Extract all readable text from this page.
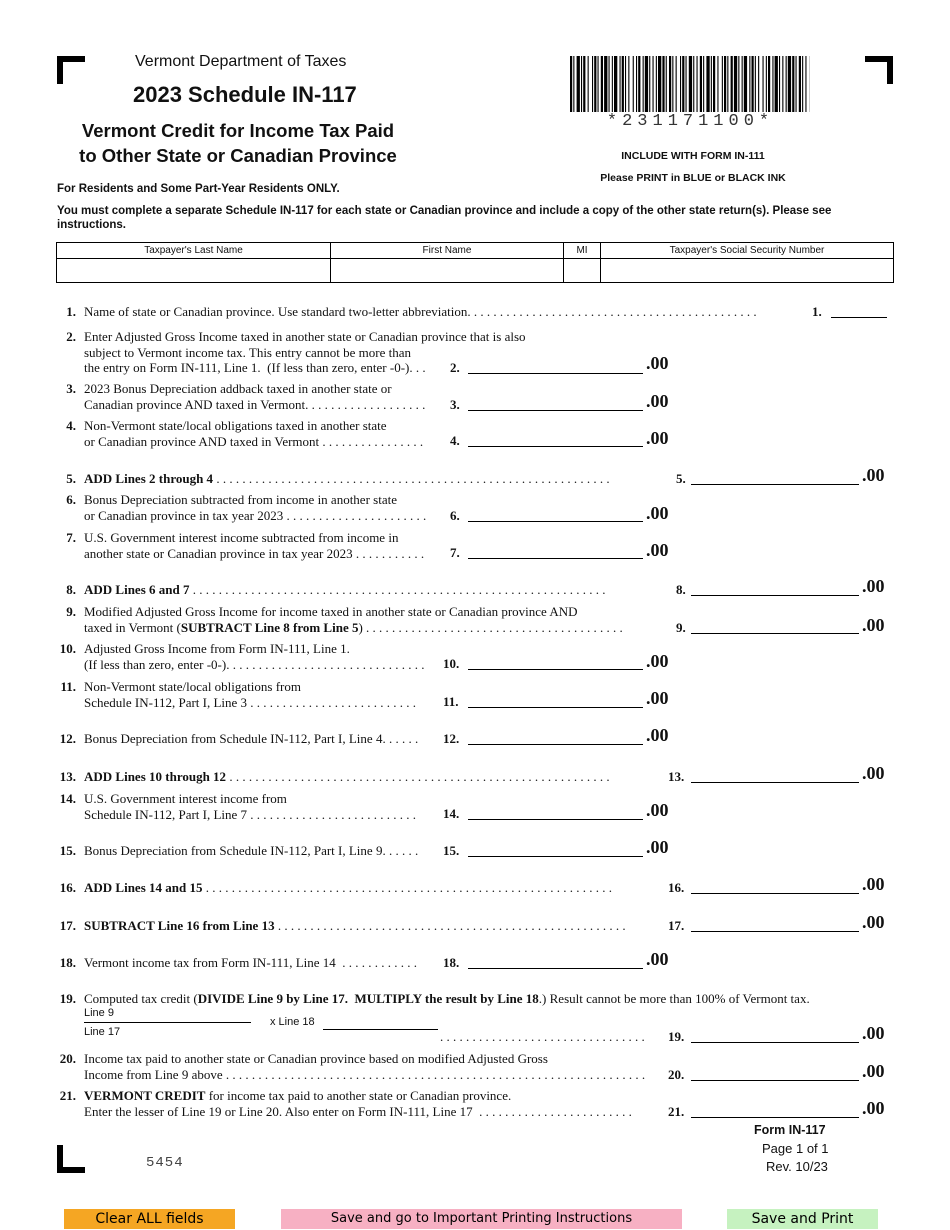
Vermont Department of Taxes
2023 Schedule IN-117
Vermont Credit for Income Tax Paid to Other State or Canadian Province
*231171100*
INCLUDE WITH FORM IN-111
Please PRINT in BLUE or BLACK INK
For Residents and Some Part-Year Residents ONLY.
You must complete a separate Schedule IN-117 for each state or Canadian province and include a copy of the other state return(s). Please see instructions.
Taxpayer's Last Name	First Name	MI	Taxpayer's Social Security Number

1. Name of state or Canadian province. Use standard two-letter abbreviation. . . . . . . . . . . . . . . . . . . . . . . . . . . . . . . . . . . . . . . . . . . . .	1.
2. Enter Adjusted Gross Income taxed in another state or Canadian province that is also
subject to Vermont income tax. This entry cannot be more than
the entry on Form IN-111, Line 1.  (If less than zero, enter -0-). . .	2.	.00
3. 2023 Bonus Depreciation addback taxed in another state or
Canadian province AND taxed in Vermont. . . . . . . . . . . . . . . . . . . 3.	.00
4. Non-Vermont state/local obligations taxed in another state
or Canadian province AND taxed in Vermont . . . . . . . . . . . . . . . . 4.	.00
5. ADD Lines 2 through 4 . . . . . . . . . . . . . . . . . . . . . . . . . . . . . . . . . . . . . . . . . . . . . . . . . . . . . . . . . . . . .	5.	.00
6. Bonus Depreciation subtracted from income in another state
or Canadian province in tax year 2023 . . . . . . . . . . . . . . . . . . . . . . 6.	.00
7. U.S. Government interest income subtracted from income in
another state or Canadian province in tax year 2023 . . . . . . . . . . . 7.	.00
8. ADD Lines 6 and 7 . . . . . . . . . . . . . . . . . . . . . . . . . . . . . . . . . . . . . . . . . . . . . . . . . . . . . . . . . . . . . . . .	8.	.00
9. Modified Adjusted Gross Income for income taxed in another state or Canadian province AND
taxed in Vermont (SUBTRACT Line 8 from Line 5) . . . . . . . . . . . . . . . . . . . . . . . . . . . . . . . . . . . . . . . .	9.	.00
10. Adjusted Gross Income from Form IN-111, Line 1.
(If less than zero, enter -0-). . . . . . . . . . . . . . . . . . . . . . . . . . . . . . . 10.	.00
11. Non-Vermont state/local obligations from
Schedule IN-112, Part I, Line 3 . . . . . . . . . . . . . . . . . . . . . . . . . . 11.	.00
12. Bonus Depreciation from Schedule IN-112, Part I, Line 4. . . . . . 12.	.00
13. ADD Lines 10 through 12 . . . . . . . . . . . . . . . . . . . . . . . . . . . . . . . . . . . . . . . . . . . . . . . . . . . . . . . . . . .	13.	.00
14. U.S. Government interest income from
Schedule IN-112, Part I, Line 7 . . . . . . . . . . . . . . . . . . . . . . . . . . 14.	.00
15. Bonus Depreciation from Schedule IN-112, Part I, Line 9. . . . . . 15.	.00
16. ADD Lines 14 and 15 . . . . . . . . . . . . . . . . . . . . . . . . . . . . . . . . . . . . . . . . . . . . . . . . . . . . . . . . . . . . . . .	16.	.00
17. SUBTRACT Line 16 from Line 13 . . . . . . . . . . . . . . . . . . . . . . . . . . . . . . . . . . . . . . . . . . . . . . . . . . . . . .	17.	.00
18. Vermont income tax from Form IN-111, Line 14  . . . . . . . . . . . . 18.	.00
19. Computed tax credit (DIVIDE Line 9 by Line 17.  MULTIPLY the result by Line 18.) Result cannot be more than 100% of Vermont tax.
Line 9
Line 17
x Line 18
. . . . . . . . . . . . . . . . . . . . . . . . . . . . . . . . 19.	.00
20. Income tax paid to another state or Canadian province based on modified Adjusted Gross
Income from Line 9 above . . . . . . . . . . . . . . . . . . . . . . . . . . . . . . . . . . . . . . . . . . . . . . . . . . . . . . . . . . . . . . . . . 20.	.00
21. VERMONT CREDIT for income tax paid to another state or Canadian province.
Enter the lesser of Line 19 or Line 20. Also enter on Form IN-111, Line 17  . . . . . . . . . . . . . . . . . . . . . . . .	21.	.00
Form IN-117
Page 1 of 1
Rev. 10/23
5454
Clear ALL fields	Save and go to Important Printing Instructions	Save and Print
